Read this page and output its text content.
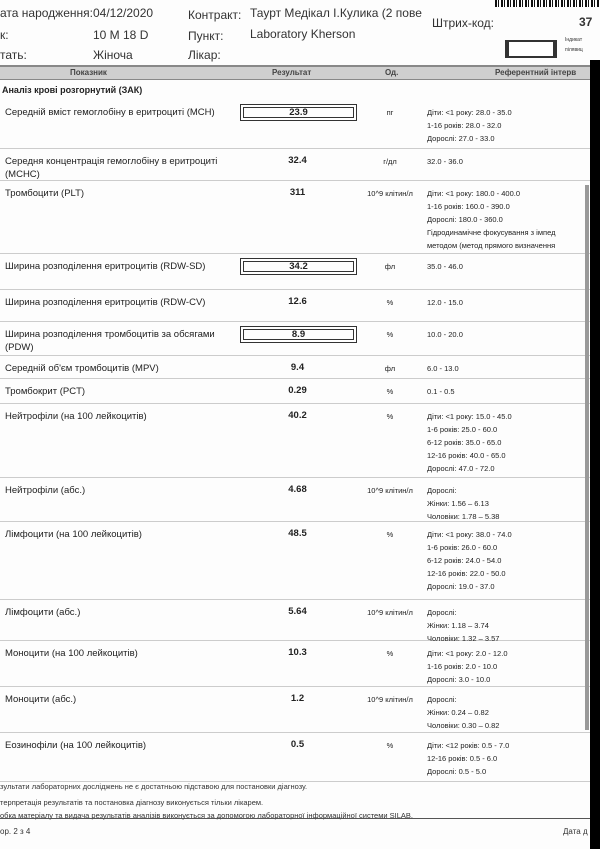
ата народження: 04/12/2020
к:	10 M 18 D
тать:	Жіноча
Контракт: Таурт Медікал І.Кулика (2 пове
Пункт: Laboratory Kherson
Лікар:
Штрих-код:	37
Індикат
пілявиц
Показник	Результат	Од.	Референтний інтерв
Аналіз крові розгорнутий (ЗАК)
Середній вміст гемоглобіну в еритроциті (MCH)	23.9	пг	Діти: <1 року: 28.0 - 35.0
1-16 років: 28.0 - 32.0
Дорослі: 27.0 - 33.0
Середня концентрація гемоглобіну в еритроциті (MCHC)
32.4	г/дл	32.0 - 36.0
Тромбоцити (PLT)	311	10^9 клітин/л	Діти: <1 року: 180.0 - 400.0
1-16 років: 160.0 - 390.0
Дорослі: 180.0 - 360.0
Гідродинамічне фокусування з імпед
методом (метод прямого визначення
Ширина розподілення еритроцитів (RDW-SD)	34.2	фл	35.0 - 46.0
Ширина розподілення еритроцитів (RDW-CV)	12.6	%	12.0 - 15.0
Ширина розподілення тромбоцитів за обсягами (PDW)
8.9	%	10.0 - 20.0
Середній об'єм тромбоцитів (MPV)	9.4	фл	6.0 - 13.0
Тромбокрит (PCT)	0.29	%	0.1 - 0.5
Нейтрофіли (на 100 лейкоцитів)	40.2	%	Діти: <1 року: 15.0 - 45.0
1-6 років: 25.0 - 60.0
6-12 років: 35.0 - 65.0
12-16 років: 40.0 - 65.0
Дорослі: 47.0 - 72.0
Нейтрофіли (абс.)	4.68	10^9 клітин/л	Дорослі:
Жінки: 1.56 – 6.13
Чоловіки: 1.78 – 5.38
Лімфоцити (на 100 лейкоцитів)	48.5	%	Діти: <1 року: 38.0 - 74.0
1-6 років: 26.0 - 60.0
6-12 років: 24.0 - 54.0
12-16 років: 22.0 - 50.0
Дорослі: 19.0 - 37.0
Лімфоцити (абс.)	5.64	10^9 клітин/л	Дорослі:
Жінки: 1.18 – 3.74
Чоловіки: 1.32 – 3.57
Моноцити (на 100 лейкоцитів)	10.3	%	Діти: <1 року: 2.0 - 12.0
1-16 років: 2.0 - 10.0
Дорослі: 3.0 - 10.0
Моноцити (абс.)	1.2	10^9 клітин/л	Дорослі:
Жінки: 0.24 – 0.82
Чоловіки: 0.30 – 0.82
Еозинофіли (на 100 лейкоцитів)	0.5	%	Діти: <12 років: 0.5 - 7.0
12-16 років: 0.5 - 6.0
Дорослі: 0.5 - 5.0
зультати лабораторних досліджень не є достатньою підставою для постановки діагнозу.
терпретація результатів та постановка діагнозу виконується тільки лікарем.
обка матеріалу та видача результатів аналізів виконується за допомогою лабораторної інформаційної системи SILAB.
ор. 2 з 4	Дата д
